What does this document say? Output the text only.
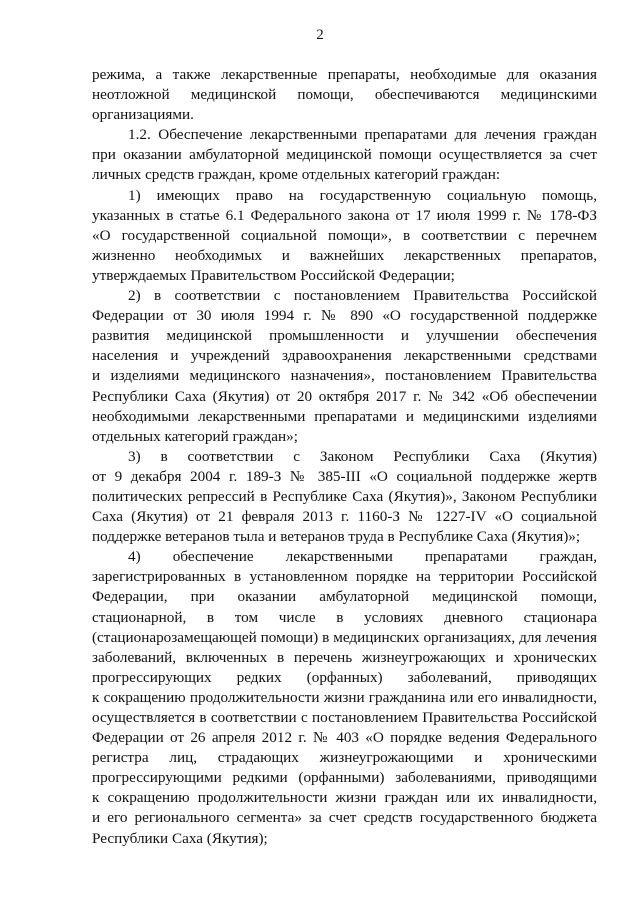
2
режима, а также лекарственные препараты, необходимые для оказания
неотложной медицинской помощи, обеспечиваются медицинскими
организациями.
1.2. Обеспечение лекарственными препаратами для лечения граждан
при оказании амбулаторной медицинской помощи осуществляется за счет
личных средств граждан, кроме отдельных категорий граждан:
1) имеющих право на государственную социальную помощь,
указанных в статье 6.1 Федерального закона от 17 июля 1999 г. № 178-ФЗ
«О государственной социальной помощи», в соответствии с перечнем
жизненно необходимых и важнейших лекарственных препаратов,
утверждаемых Правительством Российской Федерации;
2) в соответствии с постановлением Правительства Российской
Федерации от 30 июля 1994 г. № 890 «О государственной поддержке
развития медицинской промышленности и улучшении обеспечения
населения и учреждений здравоохранения лекарственными средствами
и изделиями медицинского назначения», постановлением Правительства
Республики Саха (Якутия) от 20 октября 2017 г. № 342 «Об обеспечении
необходимыми лекарственными препаратами и медицинскими изделиями
отдельных категорий граждан»;
3) в соответствии с Законом Республики Саха (Якутия)
от 9 декабря 2004 г. 189-З № 385-III «О социальной поддержке жертв
политических репрессий в Республике Саха (Якутия)», Законом Республики
Саха (Якутия) от 21 февраля 2013 г. 1160-З № 1227-IV «О социальной
поддержке ветеранов тыла и ветеранов труда в Республике Саха (Якутия)»;
4) обеспечение лекарственными препаратами граждан,
зарегистрированных в установленном порядке на территории Российской
Федерации, при оказании амбулаторной медицинской помощи,
стационарной, в том числе в условиях дневного стационара
(стационарозамещающей помощи) в медицинских организациях, для лечения
заболеваний, включенных в перечень жизнеугрожающих и хронических
прогрессирующих редких (орфанных) заболеваний, приводящих
к сокращению продолжительности жизни гражданина или его инвалидности,
осуществляется в соответствии с постановлением Правительства Российской
Федерации от 26 апреля 2012 г. № 403 «О порядке ведения Федерального
регистра лиц, страдающих жизнеугрожающими и хроническими
прогрессирующими редкими (орфанными) заболеваниями, приводящими
к сокращению продолжительности жизни граждан или их инвалидности,
и его регионального сегмента» за счет средств государственного бюджета
Республики Саха (Якутия);
